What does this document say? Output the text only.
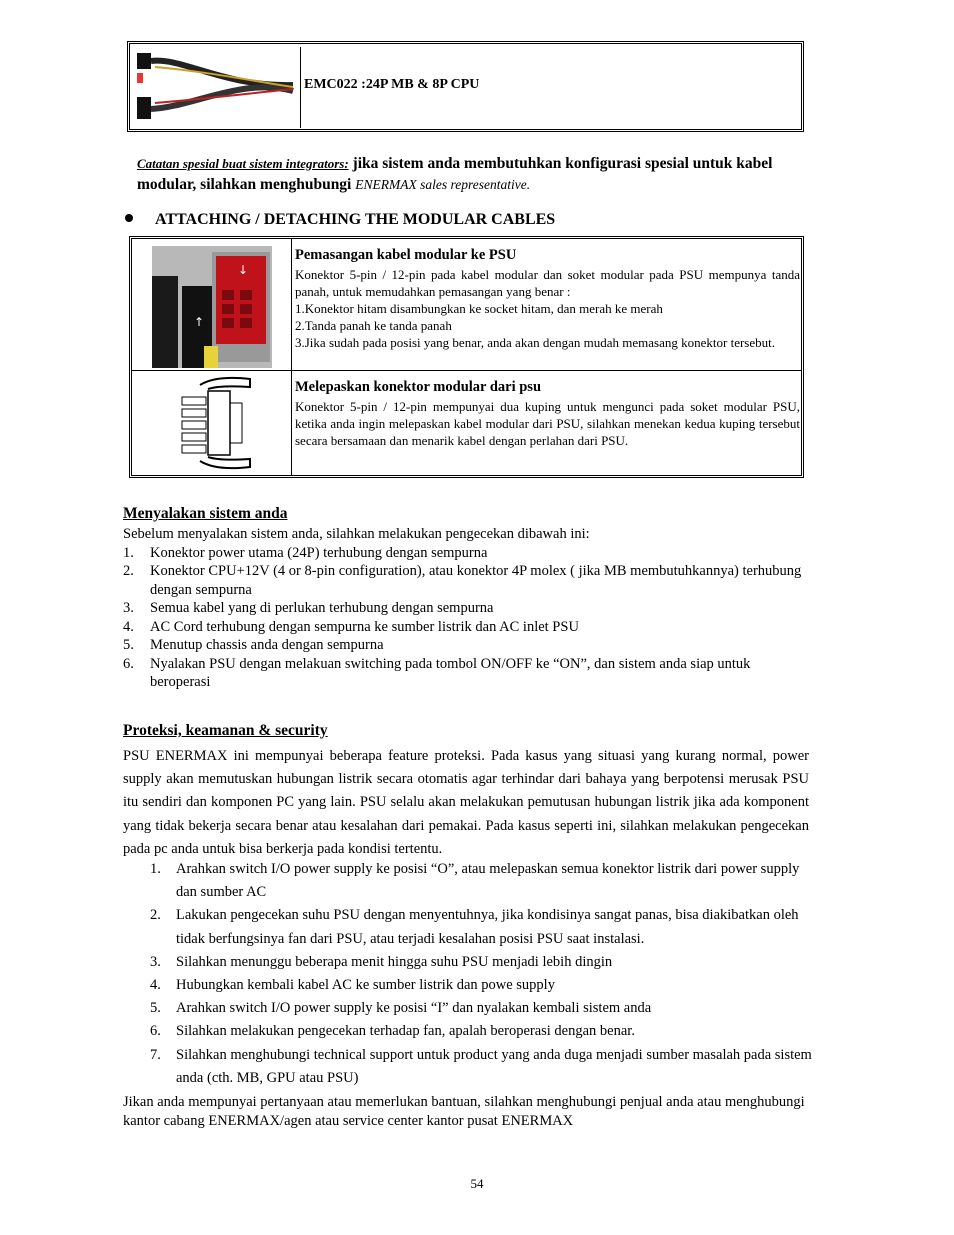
EMC022 :24P MB & 8P CPU
Catatan spesial buat sistem integrators: jika sistem anda membutuhkan konfigurasi spesial untuk kabel modular, silahkan menghubungi ENERMAX sales representative.
ATTACHING / DETACHING THE MODULAR CABLES
↓
↑
Pemasangan kabel modular ke PSU
Konektor 5-pin / 12-pin pada kabel modular dan soket modular pada PSU mempunya tanda panah, untuk memudahkan pemasangan yang benar :
1.Konektor hitam disambungkan ke socket hitam, dan merah ke merah
2.Tanda panah ke tanda panah
3.Jika sudah pada posisi yang benar, anda akan dengan mudah memasang konektor tersebut.
Melepaskan konektor modular dari psu
Konektor 5-pin / 12-pin mempunyai dua kuping untuk mengunci pada soket modular PSU, ketika anda ingin melepaskan kabel modular dari PSU, silahkan menekan kedua kuping tersebut secara bersamaan dan menarik kabel dengan perlahan dari PSU.
Menyalakan sistem anda
Sebelum menyalakan sistem anda, silahkan melakukan pengecekan dibawah ini:
1. Konektor power utama (24P) terhubung dengan sempurna
2. Konektor CPU+12V (4 or 8-pin configuration), atau konektor 4P molex ( jika MB membutuhkannya) terhubung dengan sempurna
3. Semua kabel yang di perlukan terhubung dengan sempurna
4. AC Cord terhubung dengan sempurna ke sumber listrik dan AC inlet PSU
5. Menutup chassis anda dengan sempurna
6. Nyalakan PSU dengan melakuan switching pada tombol ON/OFF ke “ON”, dan sistem anda siap untuk beroperasi
Proteksi, keamanan & security
PSU ENERMAX ini mempunyai beberapa feature proteksi. Pada kasus yang situasi yang kurang normal, power supply akan memutuskan hubungan listrik secara otomatis agar terhindar dari bahaya yang berpotensi merusak PSU itu sendiri dan komponen PC yang lain. PSU selalu akan melakukan pemutusan hubungan listrik jika ada komponent yang tidak bekerja secara benar atau kesalahan dari pemakai. Pada kasus seperti ini, silahkan melakukan pengecekan pada pc anda untuk bisa berkerja pada kondisi tertentu.
1. Arahkan switch I/O power supply ke posisi “O”, atau melepaskan semua konektor listrik dari power supply dan sumber AC
2. Lakukan pengecekan suhu PSU dengan menyentuhnya, jika kondisinya sangat panas, bisa diakibatkan oleh tidak berfungsinya fan dari PSU, atau terjadi kesalahan posisi PSU saat instalasi.
3. Silahkan menunggu beberapa menit hingga suhu PSU menjadi lebih dingin
4. Hubungkan kembali kabel AC ke sumber listrik dan powe supply
5. Arahkan switch I/O power supply ke posisi “I” dan nyalakan kembali sistem anda
6. Silahkan melakukan pengecekan terhadap fan, apalah beroperasi dengan benar.
7. Silahkan menghubungi technical support untuk product yang anda duga menjadi sumber masalah pada sistem anda (cth. MB, GPU atau PSU)
Jikan anda mempunyai pertanyaan atau memerlukan bantuan, silahkan menghubungi penjual anda atau menghubungi kantor cabang ENERMAX/agen atau service center kantor pusat ENERMAX
54
